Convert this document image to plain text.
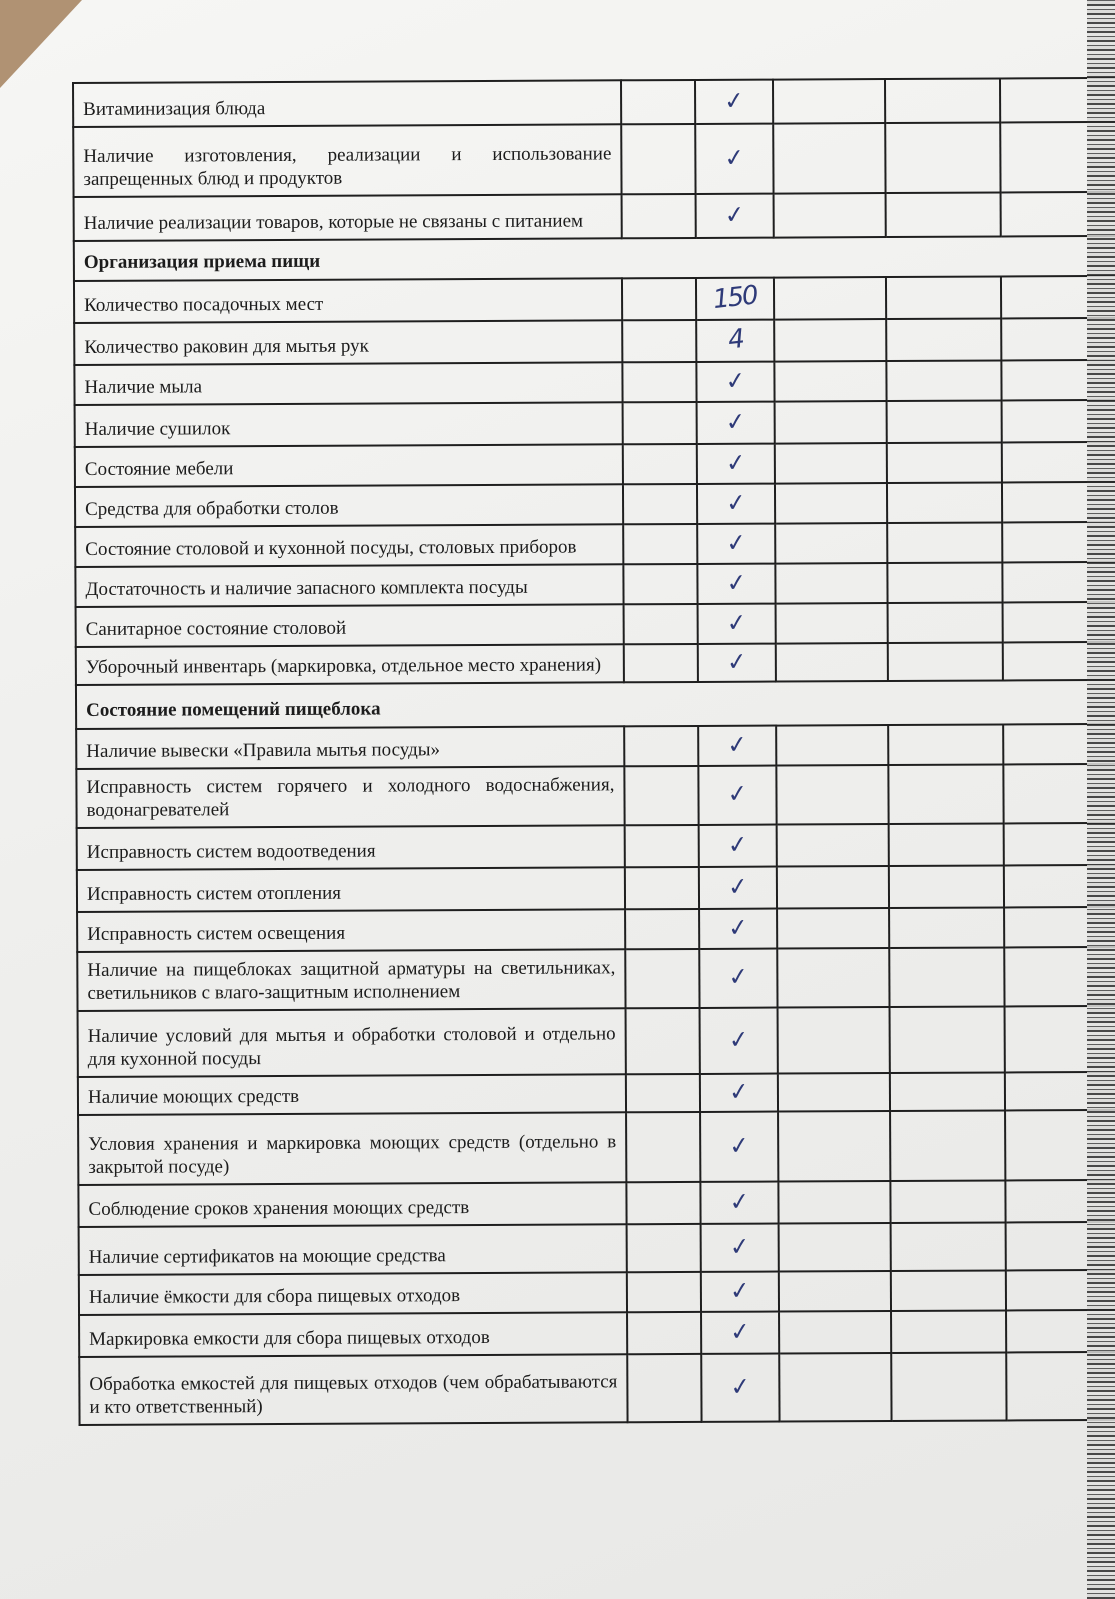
Витаминизация блюда		✓			
Наличие изготовления, реализации и использование запрещенных блюд и продуктов		✓			
Наличие реализации товаров, которые не связаны с питанием		✓			
Организация приема пищи					
Количество посадочных мест		150			
Количество раковин для мытья рук		4			
Наличие мыла		✓			
Наличие сушилок		✓			
Состояние мебели		✓			
Средства для обработки столов		✓			
Состояние столовой и кухонной посуды, столовых приборов		✓			
Достаточность и наличие запасного комплекта посуды		✓			
Санитарное состояние столовой		✓			
Уборочный инвентарь (маркировка, отдельное место хранения)		✓			
Состояние помещений пищеблока					
Наличие вывески «Правила мытья посуды»		✓			
Исправность систем горячего и холодного водоснабжения, водонагревателей		✓			
Исправность систем водоотведения		✓			
Исправность систем отопления		✓			
Исправность систем освещения		✓			
Наличие на пищеблоках защитной арматуры на светильниках, светильников с влаго-защитным исполнением		✓			
Наличие условий для мытья и обработки столовой и отдельно для кухонной посуды		✓			
Наличие моющих средств		✓			
Условия хранения и маркировка моющих средств (отдельно в закрытой посуде)		✓			
Соблюдение сроков хранения моющих средств		✓			
Наличие сертификатов на моющие средства		✓			
Наличие ёмкости для сбора пищевых отходов		✓			
Маркировка емкости для сбора пищевых отходов		✓			
Обработка емкостей для пищевых отходов (чем обрабатываются и кто ответственный)		✓			
